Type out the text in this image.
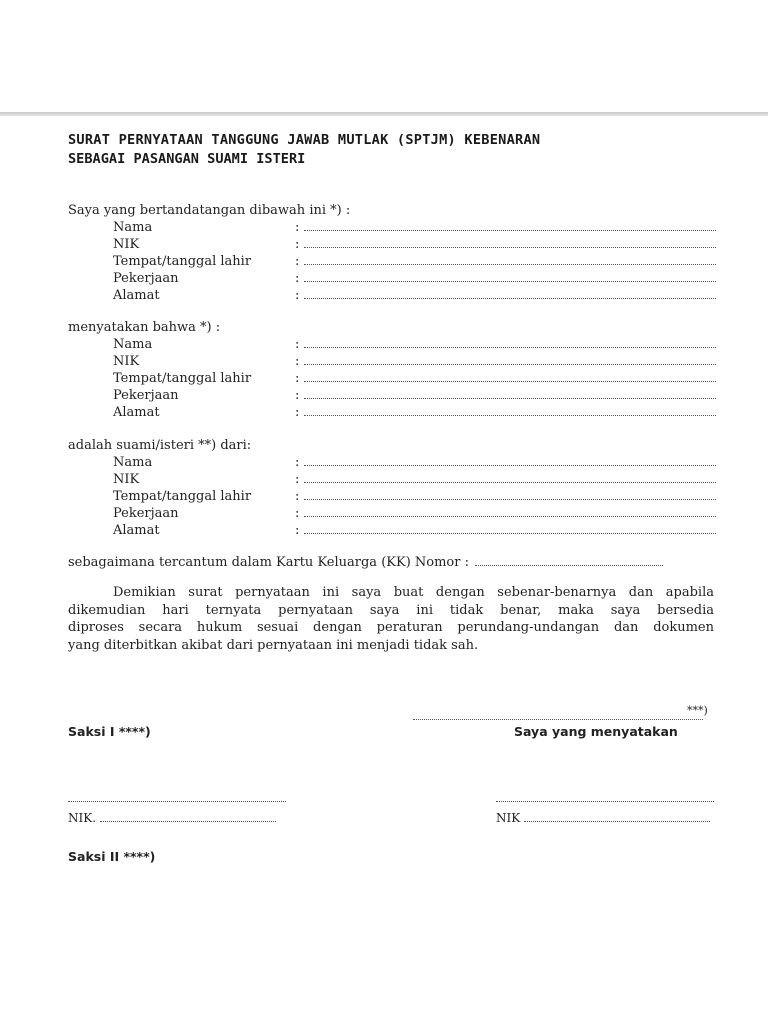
SURAT PERNYATAAN TANGGUNG JAWAB MUTLAK (SPTJM) KEBENARAN
SEBAGAI PASANGAN SUAMI ISTERI
Saya yang bertandatangan dibawah ini *) :
Nama	:
NIK	:
Tempat/tanggal lahir	:
Pekerjaan	:
Alamat	:
menyatakan bahwa *) :
Nama	:
NIK	:
Tempat/tanggal lahir	:
Pekerjaan	:
Alamat	:
adalah suami/isteri **) dari:
Nama	:
NIK	:
Tempat/tanggal lahir	:
Pekerjaan	:
Alamat	:
sebagaimana tercantum dalam Kartu Keluarga (KK) Nomor :
Demikian surat pernyataan ini saya buat dengan sebenar-benarnya dan apabila
dikemudian hari ternyata pernyataan saya ini tidak benar, maka saya bersedia
diproses secara hukum sesuai dengan peraturan perundang-undangan dan dokumen
yang diterbitkan akibat dari pernyataan ini menjadi tidak sah.
***)
Saksi I ****)	Saya yang menyatakan
NIK.	NIK
Saksi II ****)
